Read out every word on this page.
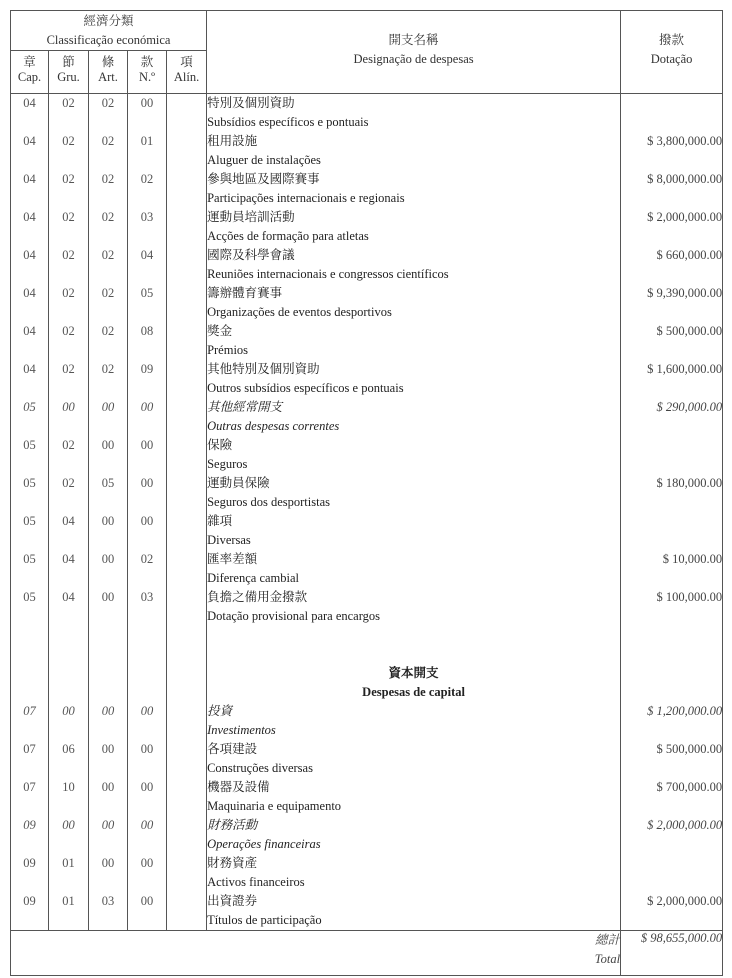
經濟分類
Classificação económica					開支名稱
Designação de despesas	撥款
Dotação

章
Cap.	節
Gru.	條
Art.	款
N.º	項
Alín.		

04	02	02	00		特別及個別資助
Subsídios específicos e pontuais	

04	02	02	01		租用設施
Aluguer de instalações	$ 3,800,000.00

04	02	02	02		參與地區及國際賽事
Participações internacionais e regionais	$ 8,000,000.00

04	02	02	03		運動員培訓活動
Acções de formação para atletas	$ 2,000,000.00

04	02	02	04		國際及科學會議
Reuniões internacionais e congressos científicos	$ 660,000.00

04	02	02	05		籌辦體育賽事
Organizações de eventos desportivos	$ 9,390,000.00

04	02	02	08		獎金
Prémios	$ 500,000.00

04	02	02	09		其他特別及個別資助
Outros subsídios específicos e pontuais	$ 1,600,000.00

05	00	00	00		其他經常開支
Outras despesas correntes	$ 290,000.00

05	02	00	00		保險
Seguros	

05	02	05	00		運動員保險
Seguros dos desportistas	$ 180,000.00

05	04	00	00		雜項
Diversas	

05	04	00	02		匯率差額
Diferença cambial	$ 10,000.00

05	04	00	03		負擔之備用金撥款
Dotação provisional para encargos	$ 100,000.00

					資本開支
Despesas de capital	

07	00	00	00		投資
Investimentos	$ 1,200,000.00

07	06	00	00		各項建設
Construções diversas	$ 500,000.00

07	10	00	00		機器及設備
Maquinaria e equipamento	$ 700,000.00

09	00	00	00		財務活動
Operações financeiras	$ 2,000,000.00

09	01	00	00		財務資產
Activos financeiros	

09	01	03	00		出資證券
Títulos de participação	$ 2,000,000.00

總計
Total						$ 98,655,000.00
